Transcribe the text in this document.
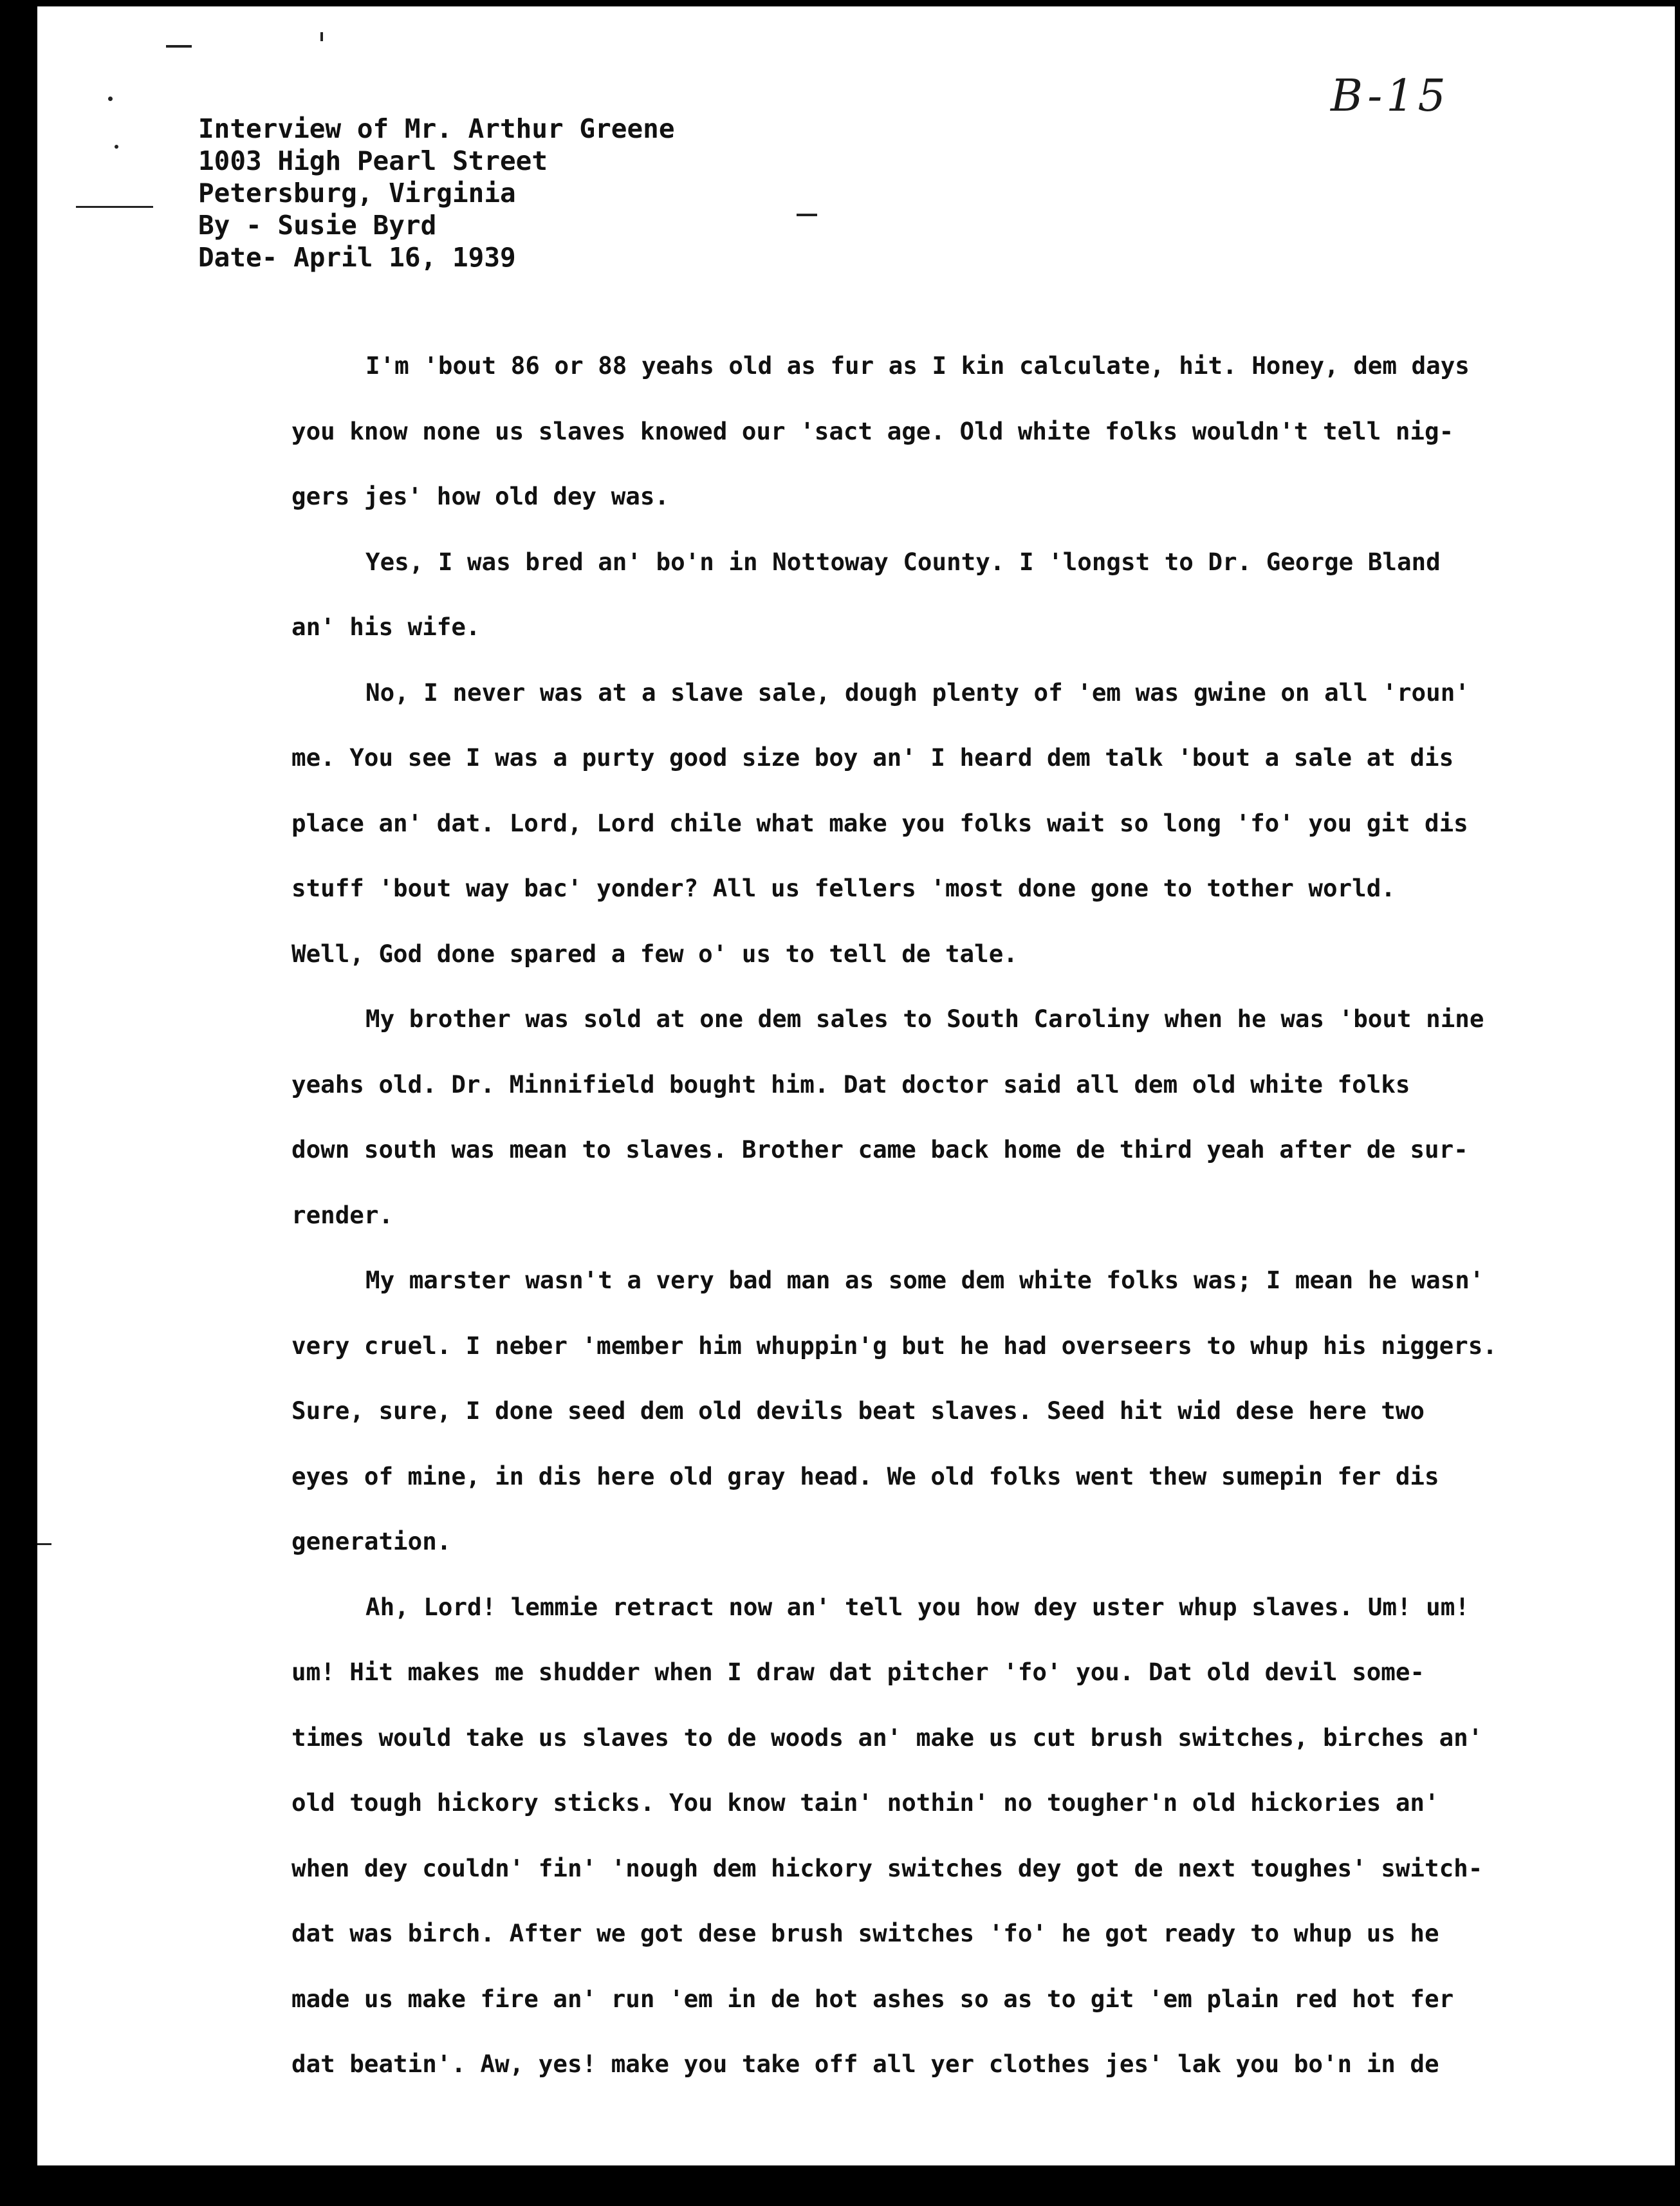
B-15
Interview of Mr. Arthur Greene
1003 High Pearl Street
Petersburg, Virginia
By - Susie Byrd
Date- April 16, 1939
I'm 'bout 86 or 88 yeahs old as fur as I kin calculate, hit. Honey, dem days
you know none us slaves knowed our 'sact age. Old white folks wouldn't tell nig-
gers jes' how old dey was.
Yes, I was bred an' bo'n in Nottoway County. I 'longst to Dr. George Bland
an' his wife.
No, I never was at a slave sale, dough plenty of 'em was gwine on all 'roun'
me. You see I was a purty good size boy an' I heard dem talk 'bout a sale at dis
place an' dat. Lord, Lord chile what make you folks wait so long 'fo' you git dis
stuff 'bout way bac' yonder? All us fellers 'most done gone to tother world.
Well, God done spared a few o' us to tell de tale.
My brother was sold at one dem sales to South Caroliny when he was 'bout nine
yeahs old. Dr. Minnifield bought him. Dat doctor said all dem old white folks
down south was mean to slaves. Brother came back home de third yeah after de sur-
render.
My marster wasn't a very bad man as some dem white folks was; I mean he wasn'
very cruel. I neber 'member him whuppin'g but he had overseers to whup his niggers.
Sure, sure, I done seed dem old devils beat slaves. Seed hit wid dese here two
eyes of mine, in dis here old gray head. We old folks went thew sumepin fer dis
generation.
Ah, Lord! lemmie retract now an' tell you how dey uster whup slaves. Um! um!
um! Hit makes me shudder when I draw dat pitcher 'fo' you. Dat old devil some-
times would take us slaves to de woods an' make us cut brush switches, birches an'
old tough hickory sticks. You know tain' nothin' no tougher'n old hickories an'
when dey couldn' fin' 'nough dem hickory switches dey got de next toughes' switch-
dat was birch. After we got dese brush switches 'fo' he got ready to whup us he
made us make fire an' run 'em in de hot ashes so as to git 'em plain red hot fer
dat beatin'. Aw, yes! make you take off all yer clothes jes' lak you bo'n in de
